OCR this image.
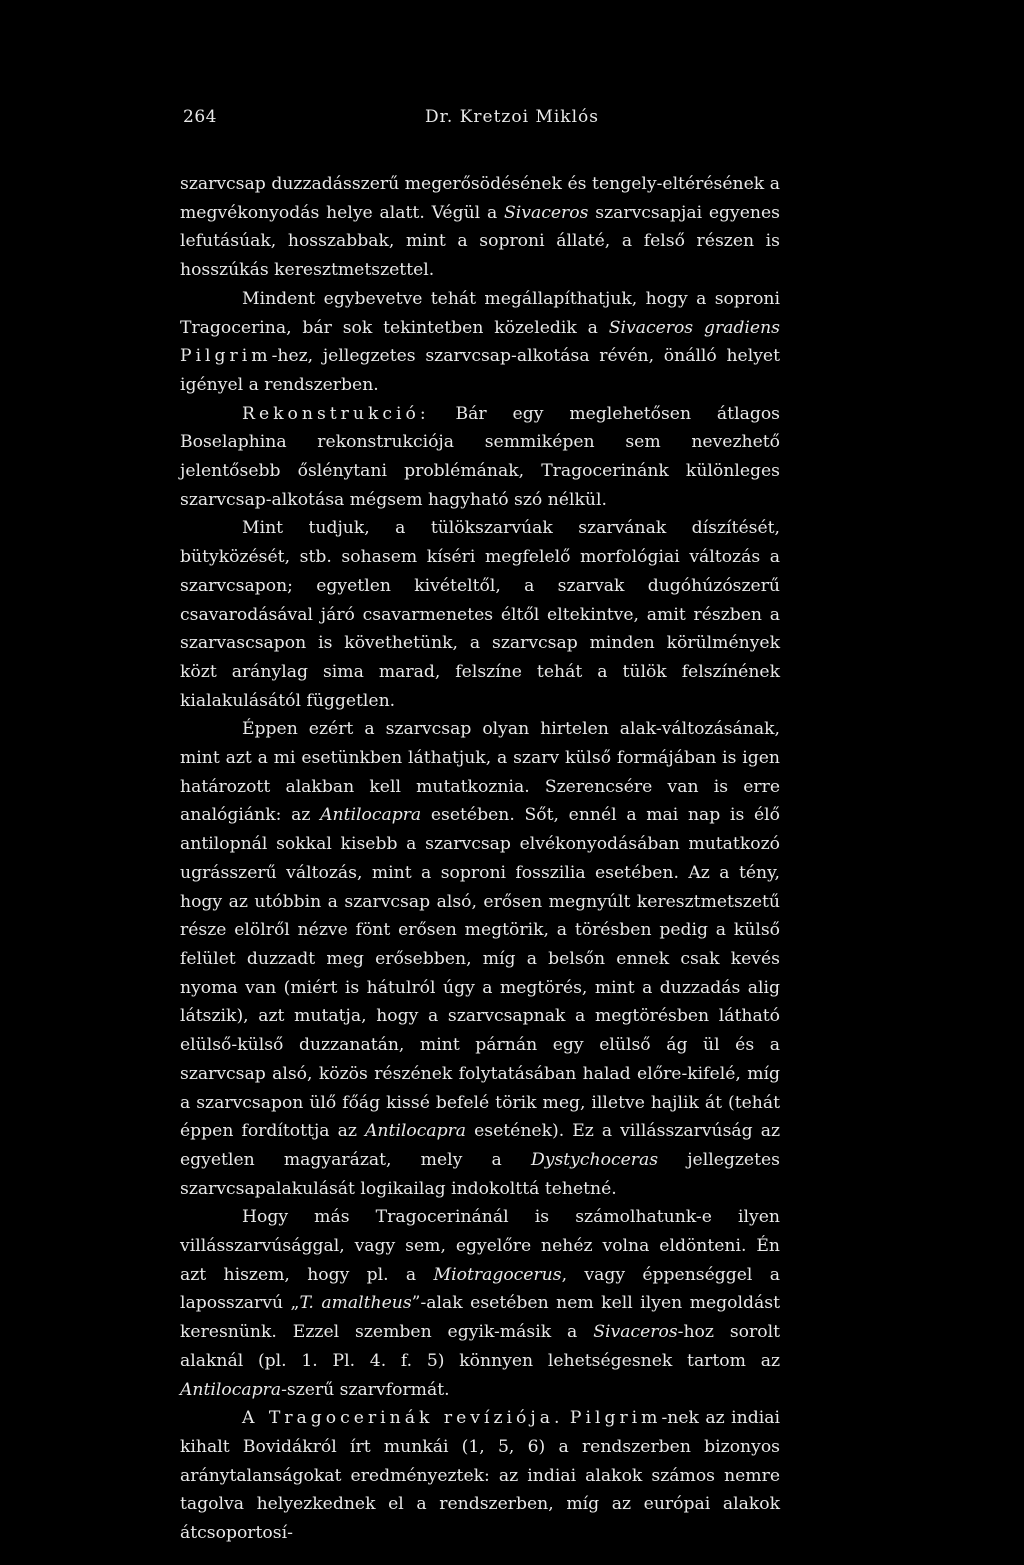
Dr. Kretzoi Miklós
264

szarvcsap duzzadásszerű megerősödésének és tengely-eltérésének a megvékonyodás helye alatt. Végül a Sivaceros szarvcsapjai egyenes lefutásúak, hosszabbak, mint a soproni állaté, a felső részen is hosszúkás keresztmetszettel.

Mindent egybevetve tehát megállapíthatjuk, hogy a soproni Tragocerina, bár sok tekintetben közeledik a Sivaceros gradiens Pilgrim-hez, jellegzetes szarvcsap-alkotása révén, önálló helyet igényel a rendszerben.

Rekonstrukció: Bár egy meglehetősen átlagos Boselaphina rekonstrukciója semmiképen sem nevezhető jelentősebb őslénytani problémának, Tragocerinánk különleges szarvcsap-alkotása mégsem hagyható szó nélkül.

Mint tudjuk, a tülökszarvúak szarvának díszítését, bütyközését, stb. sohasem kíséri megfelelő morfológiai változás a szarvcsapon; egyetlen kivételtől, a szarvak dugóhúzószerű csavarodásával járó csavarmenetes éltől eltekintve, amit részben a szarvascsapon is követhetünk, a szarvcsap minden körülmények közt aránylag sima marad, felszíne tehát a tülök felszínének kialakulásától független.

Éppen ezért a szarvcsap olyan hirtelen alak-változásának, mint azt a mi esetünkben láthatjuk, a szarv külső formájában is igen határozott alakban kell mutatkoznia. Szerencsére van is erre analógiánk: az Antilocapra esetében. Sőt, ennél a mai nap is élő antilopnál sokkal kisebb a szarvcsap elvékonyodásában mutatkozó ugrásszerű változás, mint a soproni fosszilia esetében. Az a tény, hogy az utóbbin a szarvcsap alsó, erősen megnyúlt keresztmetszetű része elölről nézve fönt erősen megtörik, a törésben pedig a külső felület duzzadt meg erősebben, míg a belsőn ennek csak kevés nyoma van (miért is hátulról úgy a megtörés, mint a duzzadás alig látszik), azt mutatja, hogy a szarvcsapnak a megtörésben látható elülső-külső duzzanatán, mint párnán egy elülső ág ül és a szarvcsap alsó, közös részének folytatásában halad előre-kifelé, míg a szarvcsapon ülő főág kissé befelé törik meg, illetve hajlik át (tehát éppen fordítottja az Antilocapra esetének). Ez a villásszarvúság az egyetlen magyarázat, mely a Dystychoceras jellegzetes szarvcsapalakulását logikailag indokolttá tehetné.

Hogy más Tragocerinánál is számolhatunk-e ilyen villásszarvúsággal, vagy sem, egyelőre nehéz volna eldönteni. Én azt hiszem, hogy pl. a Miotragocerus, vagy éppenséggel a laposszarvú „T. amaltheus”-alak esetében nem kell ilyen megoldást keresnünk. Ezzel szemben egyik-másik a Sivaceros-hoz sorolt alaknál (pl. 1. Pl. 4. f. 5) könnyen lehetségesnek tartom az Antilocapra-szerű szarvformát.

A Tragocerinák revíziója. Pilgrim-nek az indiai kihalt Bovidákról írt munkái (1, 5, 6) a rendszerben bizonyos aránytalanságokat eredményeztek: az indiai alakok számos nemre tagolva helyezkednek el a rendszerben, míg az európai alakok átcsoportosí-
